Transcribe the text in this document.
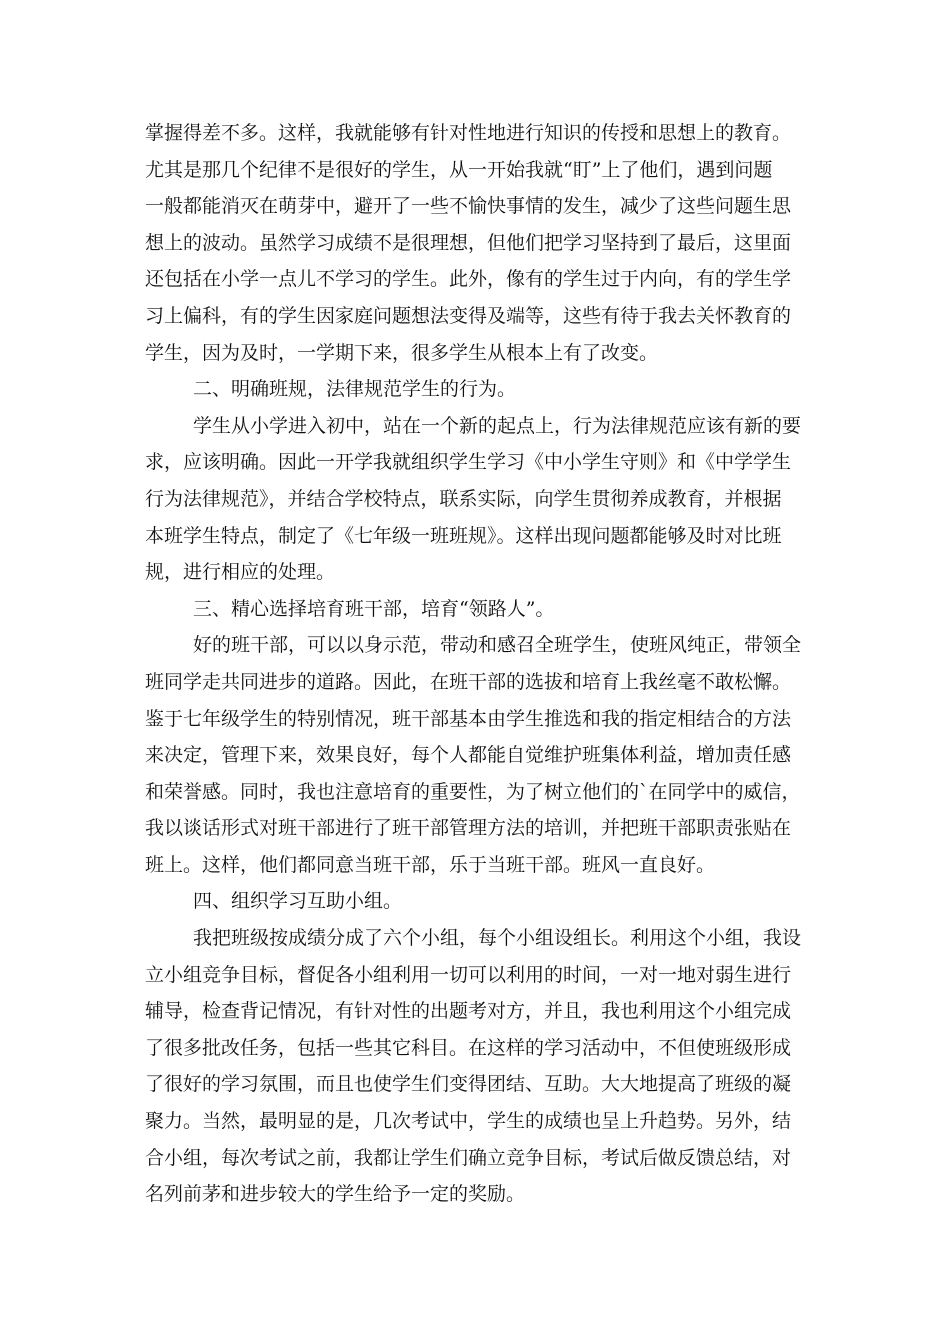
掌握得差不多。这样，我就能够有针对性地进行知识的传授和思想上的教育。
尤其是那几个纪律不是很好的学生，从一开始我就“盯”上了他们，遇到问题
一般都能消灭在萌芽中，避开了一些不愉快事情的发生，减少了这些问题生思
想上的波动。虽然学习成绩不是很理想，但他们把学习坚持到了最后，这里面
还包括在小学一点儿不学习的学生。此外，像有的学生过于内向，有的学生学
习上偏科，有的学生因家庭问题想法变得及端等，这些有待于我去关怀教育的
学生，因为及时，一学期下来，很多学生从根本上有了改变。
二、明确班规，法律规范学生的行为。
学生从小学进入初中，站在一个新的起点上，行为法律规范应该有新的要
求，应该明确。因此一开学我就组织学生学习《中小学生守则》和《中学学生
行为法律规范》，并结合学校特点，联系实际，向学生贯彻养成教育，并根据
本班学生特点，制定了《七年级一班班规》。这样出现问题都能够及时对比班
规，进行相应的处理。
三、精心选择培育班干部，培育“领路人”。
好的班干部，可以以身示范，带动和感召全班学生，使班风纯正，带领全
班同学走共同进步的道路。因此，在班干部的选拔和培育上我丝毫不敢松懈。
鉴于七年级学生的特别情况，班干部基本由学生推选和我的指定相结合的方法
来决定，管理下来，效果良好，每个人都能自觉维护班集体利益，增加责任感
和荣誉感。同时，我也注意培育的重要性，为了树立他们的`在同学中的威信，
我以谈话形式对班干部进行了班干部管理方法的培训，并把班干部职责张贴在
班上。这样，他们都同意当班干部，乐于当班干部。班风一直良好。
四、组织学习互助小组。
我把班级按成绩分成了六个小组，每个小组设组长。利用这个小组，我设
立小组竞争目标，督促各小组利用一切可以利用的时间，一对一地对弱生进行
辅导，检查背记情况，有针对性的出题考对方，并且，我也利用这个小组完成
了很多批改任务，包括一些其它科目。在这样的学习活动中，不但使班级形成
了很好的学习氛围，而且也使学生们变得团结、互助。大大地提高了班级的凝
聚力。当然，最明显的是，几次考试中，学生的成绩也呈上升趋势。另外，结
合小组，每次考试之前，我都让学生们确立竞争目标，考试后做反馈总结，对
名列前茅和进步较大的学生给予一定的奖励。
